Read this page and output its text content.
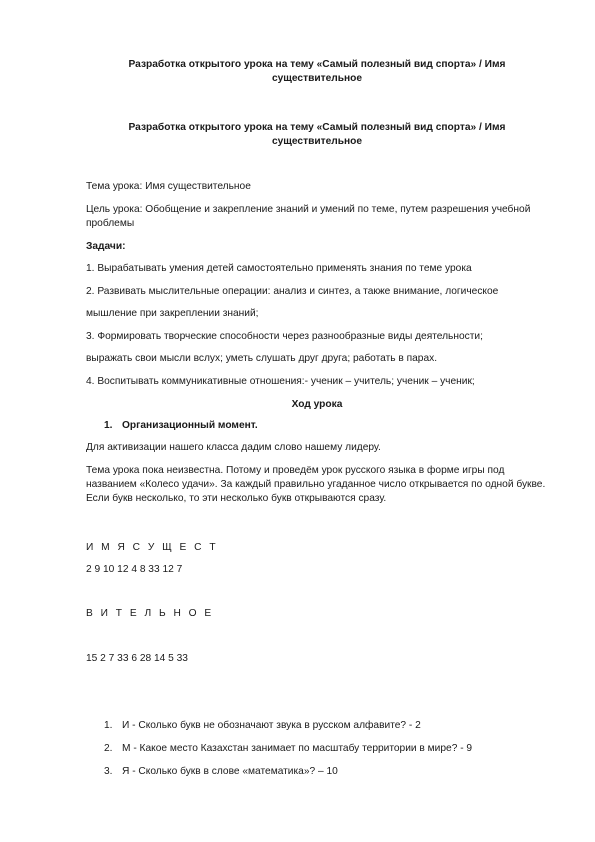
Разработка открытого урока на тему «Самый полезный вид спорта» / Имя существительное
Разработка открытого урока на тему «Самый полезный вид спорта» / Имя существительное
Тема урока: Имя существительное
Цель урока: Обобщение и закрепление знаний и умений по теме, путем разрешения учебной проблемы
Задачи:
1. Вырабатывать умения детей самостоятельно применять знания по теме урока
2. Развивать мыслительные операции: анализ и синтез, а также внимание, логическое
мышление при закреплении знаний;
3. Формировать творческие способности через разнообразные виды деятельности;
выражать свои мысли вслух; уметь слушать друг друга; работать в парах.
4. Воспитывать коммуникативные отношения:- ученик – учитель; ученик – ученик;
Ход урока
1. Организационный момент.
Для активизации нашего класса дадим слово нашему лидеру.
Тема урока пока неизвестна. Потому и проведём урок русского языка в форме игры под названием «Колесо удачи». За каждый правильно угаданное число открывается по одной букве. Если букв несколько, то эти несколько букв открываются сразу.
И М Я С У Щ Е С Т
2 9 10 12 4 8 33 12 7
В И Т Е Л Ь Н О Е
15 2 7 33 6 28 14 5 33
1. И - Сколько букв не обозначают звука в русском алфавите? - 2
2. М - Какое место Казахстан занимает по масштабу территории в мире? - 9
3. Я - Сколько букв в слове «математика»? – 10
